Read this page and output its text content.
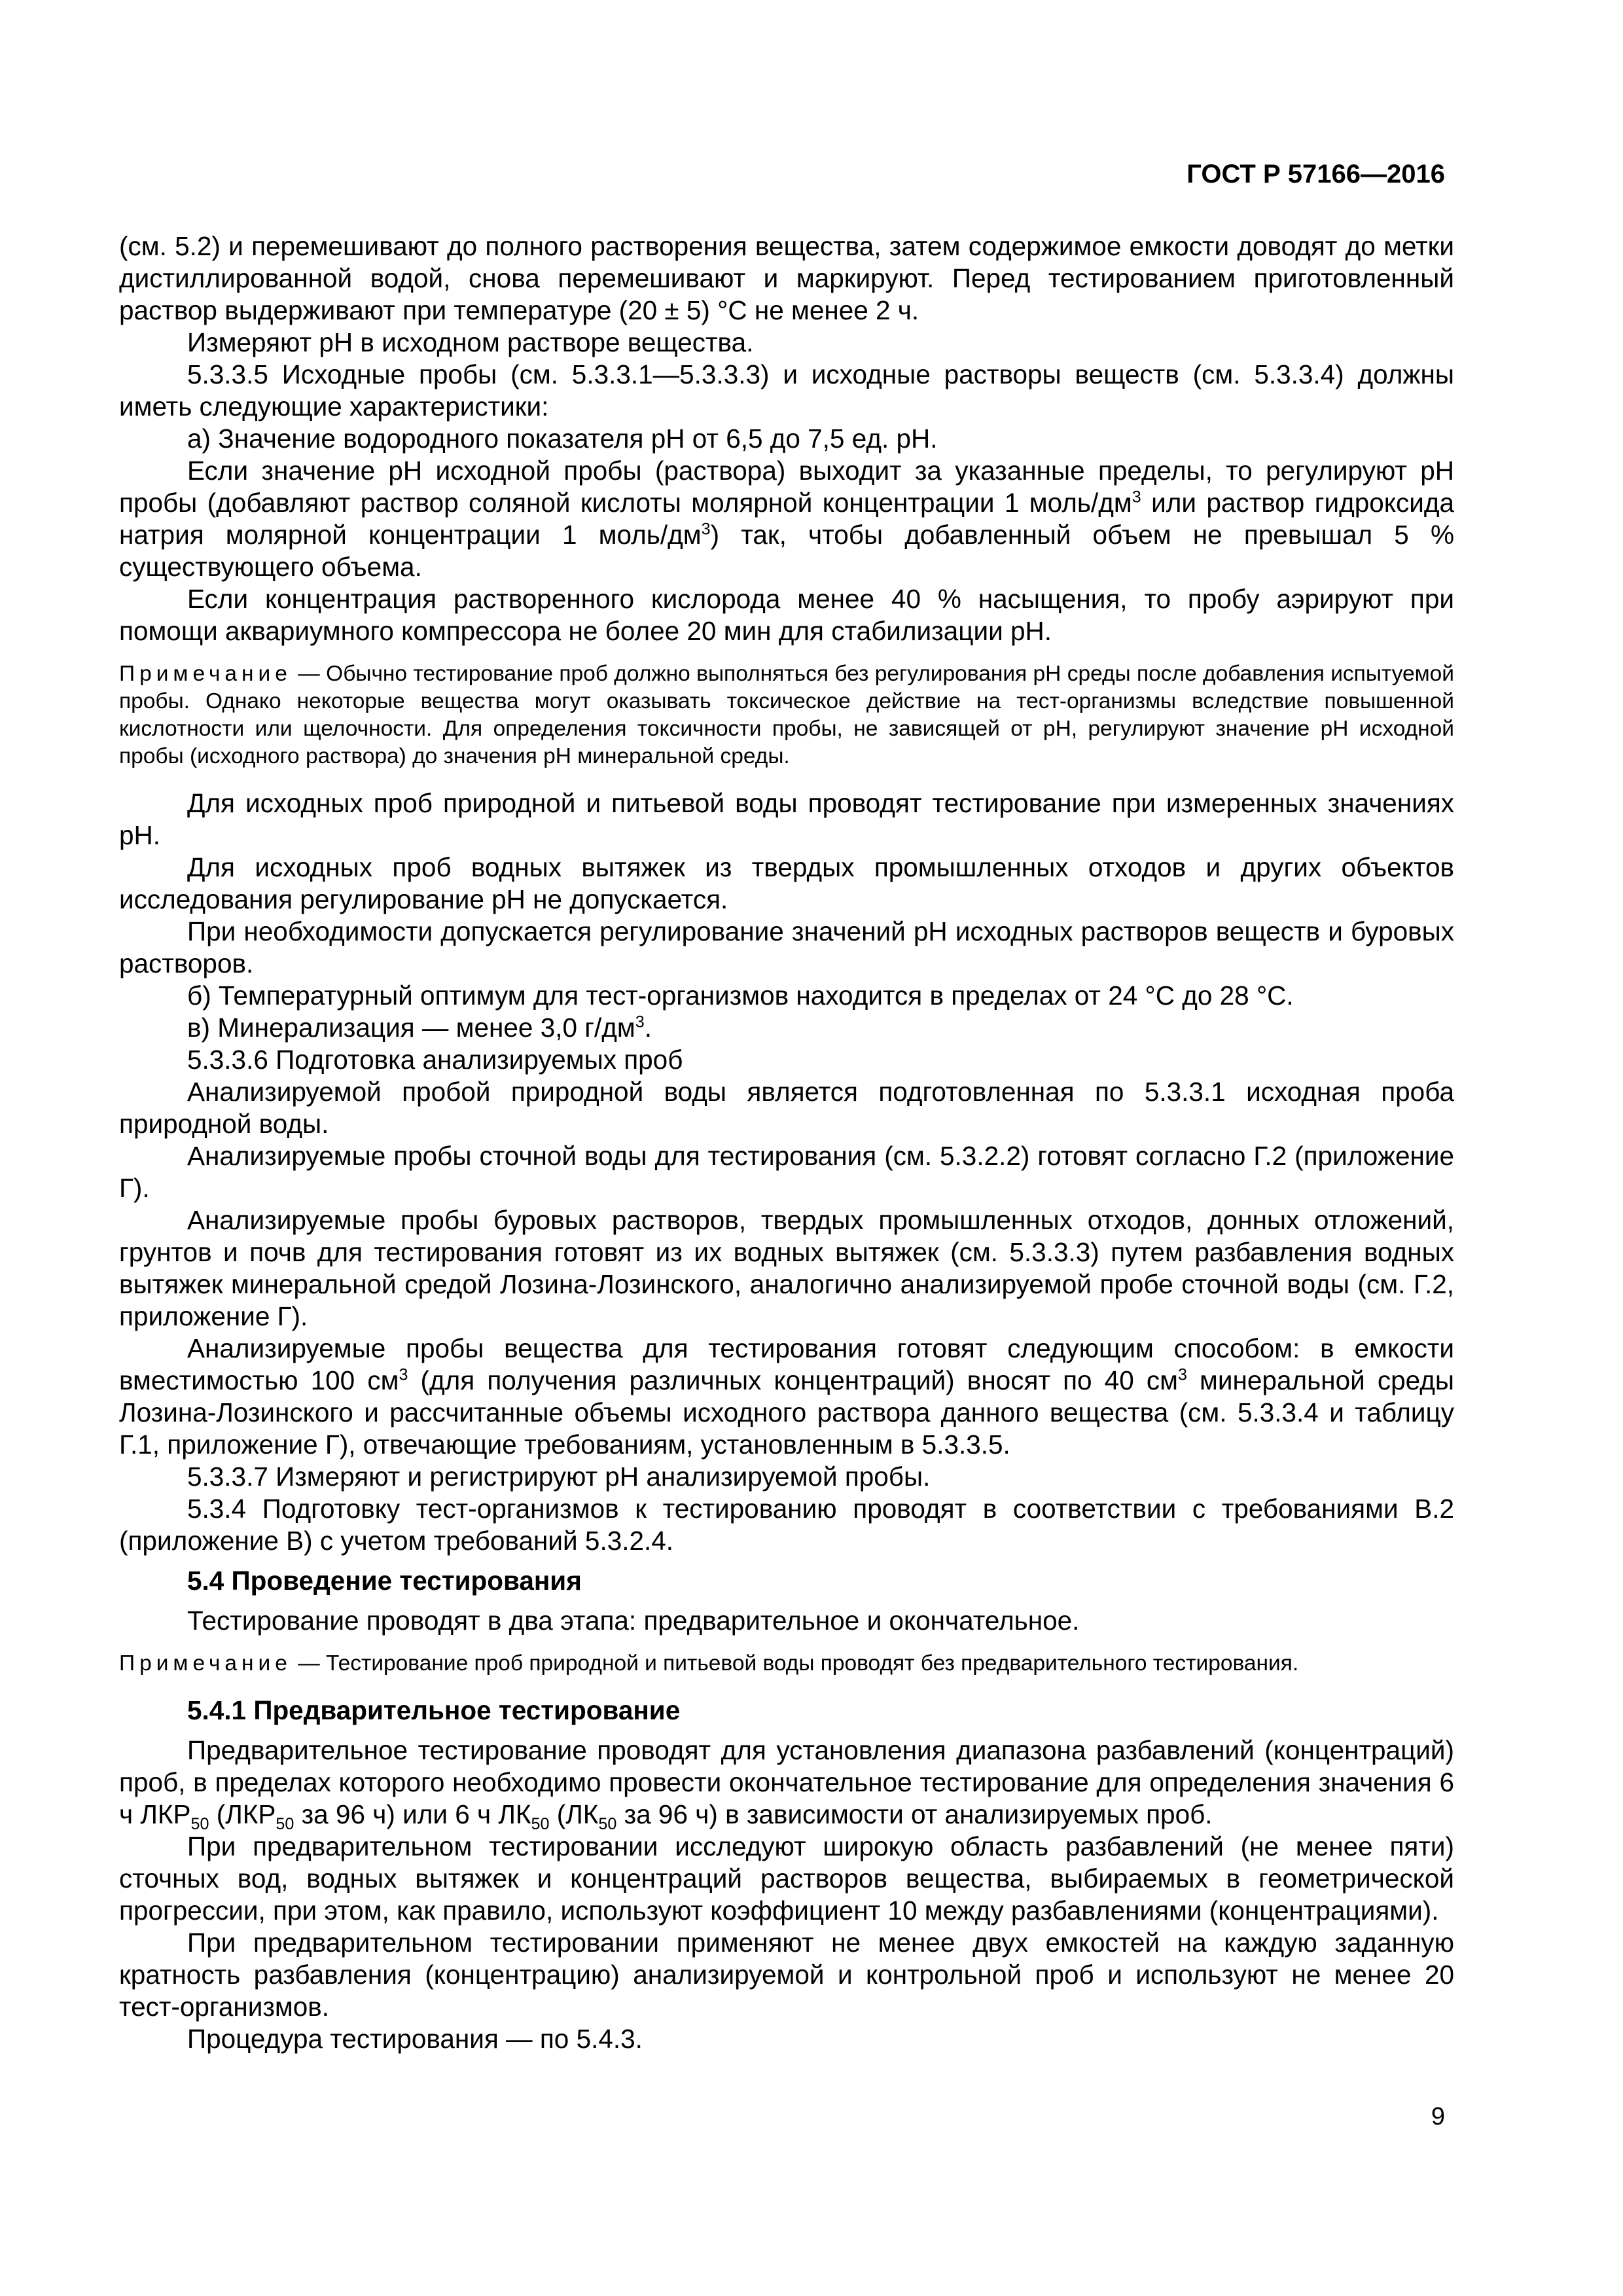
ГОСТ Р 57166—2016

(см. 5.2) и перемешивают до полного растворения вещества, затем содержимое емкости доводят до метки дистиллированной водой, снова перемешивают и маркируют. Перед тестированием приготовленный раствор выдерживают при температуре (20 ± 5) °С не менее 2 ч.

Измеряют pH в исходном растворе вещества.

5.3.3.5 Исходные пробы (см. 5.3.3.1—5.3.3.3) и исходные растворы веществ (см. 5.3.3.4) должны иметь следующие характеристики:

а) Значение водородного показателя pH от 6,5 до 7,5 ед. pH.

Если значение pH исходной пробы (раствора) выходит за указанные пределы, то регулируют pH пробы (добавляют раствор соляной кислоты молярной концентрации 1 моль/$дм^3$ или раствор гидроксида натрия молярной концентрации 1 моль/$дм^3$) так, чтобы добавленный объем не превышал 5 % существующего объема.

Если концентрация растворенного кислорода менее 40 % насыщения, то пробу аэрируют при помощи аквариумного компрессора не более 20 мин для стабилизации pH.

Примечание — Обычно тестирование проб должно выполняться без регулирования pH среды после добавления испытуемой пробы. Однако некоторые вещества могут оказывать токсическое действие на тест-организмы вследствие повышенной кислотности или щелочности. Для определения токсичности пробы, не зависящей от pH, регулируют значение pH исходной пробы (исходного раствора) до значения pH минеральной среды.

Для исходных проб природной и питьевой воды проводят тестирование при измеренных значениях pH.

Для исходных проб водных вытяжек из твердых промышленных отходов и других объектов исследования регулирование pH не допускается.

При необходимости допускается регулирование значений pH исходных растворов веществ и буровых растворов.

б) Температурный оптимум для тест-организмов находится в пределах от 24 °С до 28 °С.

в) Минерализация — менее 3,0 $г/дм^3$.

5.3.3.6 Подготовка анализируемых проб

Анализируемой пробой природной воды является подготовленная по 5.3.3.1 исходная проба природной воды.

Анализируемые пробы сточной воды для тестирования (см. 5.3.2.2) готовят согласно Г.2 (приложение Г).

Анализируемые пробы буровых растворов, твердых промышленных отходов, донных отложений, грунтов и почв для тестирования готовят из их водных вытяжек (см. 5.3.3.3) путем разбавления водных вытяжек минеральной средой Лозина-Лозинского, аналогично анализируемой пробе сточной воды (см. Г.2, приложение Г).

Анализируемые пробы вещества для тестирования готовят следующим способом: в емкости вместимостью 100 $см^3$ (для получения различных концентраций) вносят по 40 $см^3$ минеральной среды Лозина-Лозинского и рассчитанные объемы исходного раствора данного вещества (см. 5.3.3.4 и таблицу Г.1, приложение Г), отвечающие требованиям, установленным в 5.3.3.5.

5.3.3.7 Измеряют и регистрируют pH анализируемой пробы.

5.3.4 Подготовку тест-организмов к тестированию проводят в соответствии с требованиями В.2 (приложение В) с учетом требований 5.3.2.4.

5.4 Проведение тестирования

Тестирование проводят в два этапа: предварительное и окончательное.

Примечание — Тестирование проб природной и питьевой воды проводят без предварительного тестирования.

5.4.1 Предварительное тестирование

Предварительное тестирование проводят для установления диапазона разбавлений (концентраций) проб, в пределах которого необходимо провести окончательное тестирование для определения значения 6 ч $ЛКР_{50}$ ($ЛКР_{50}$ за 96 ч) или 6 ч $ЛК_{50}$ ($ЛК_{50}$ за 96 ч) в зависимости от анализируемых проб.

При предварительном тестировании исследуют широкую область разбавлений (не менее пяти) сточных вод, водных вытяжек и концентраций растворов вещества, выбираемых в геометрической прогрессии, при этом, как правило, используют коэффициент 10 между разбавлениями (концентрациями).

При предварительном тестировании применяют не менее двух емкостей на каждую заданную кратность разбавления (концентрацию) анализируемой и контрольной проб и используют не менее 20 тест-организмов.

Процедура тестирования — по 5.4.3.

9
